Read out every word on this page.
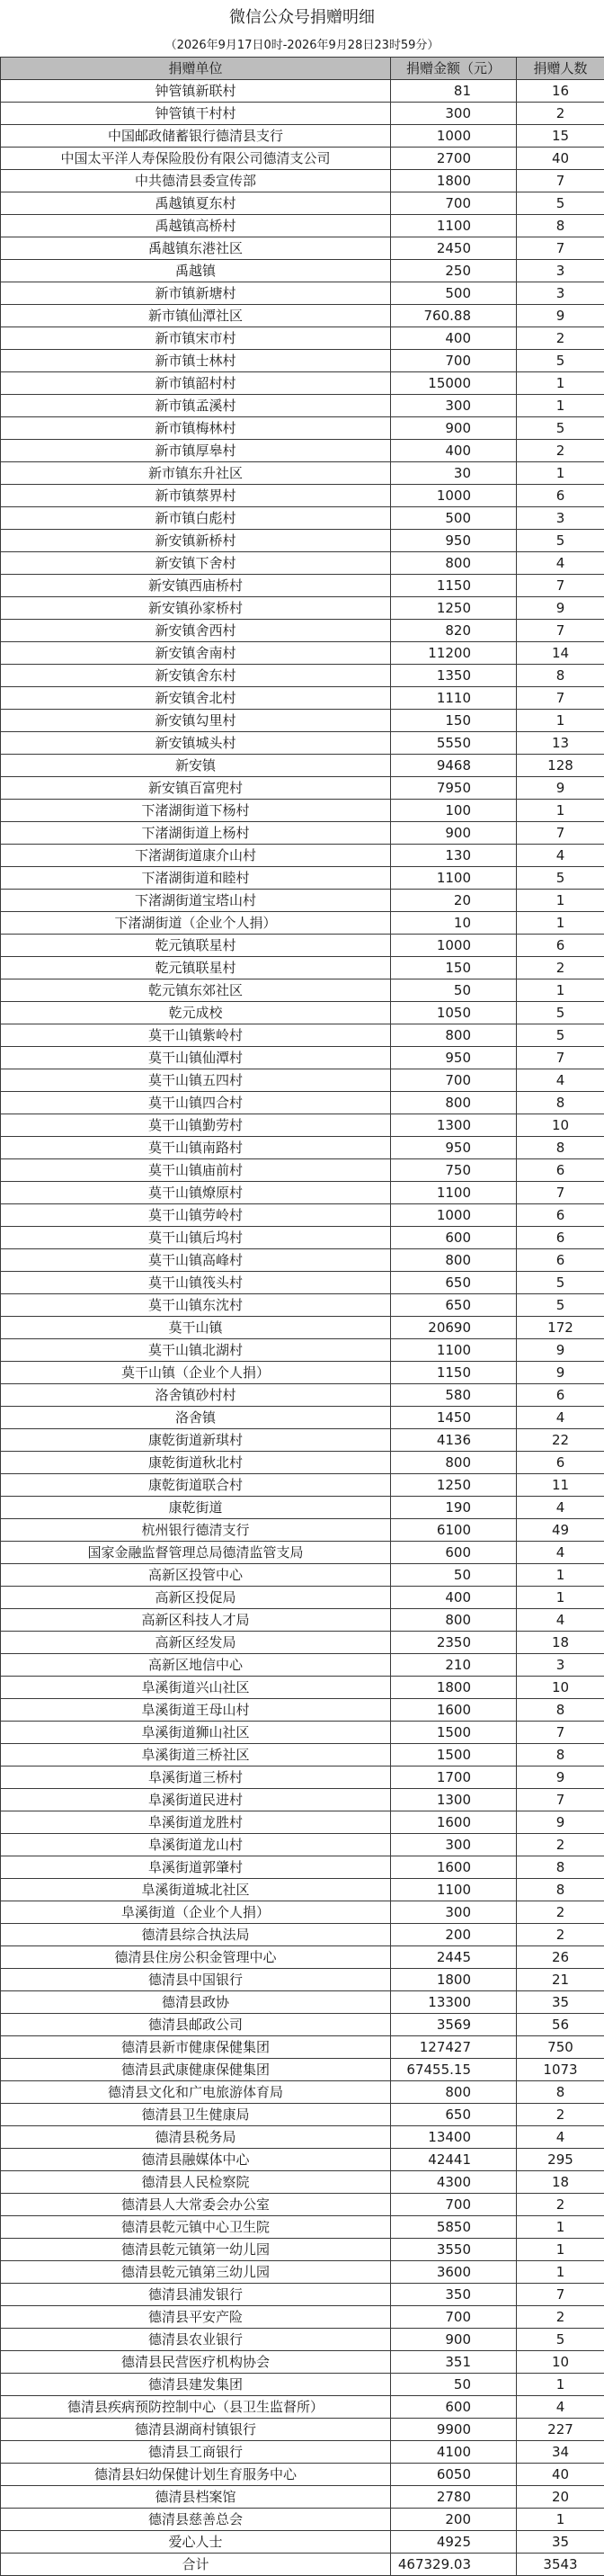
微信公众号捐赠明细
（2026年9月17日0时-2026年9月28日23时59分）
捐赠单位	捐赠金额（元）	捐赠人数
钟管镇新联村	81	16
钟管镇干村村	300	2
中国邮政储蓄银行德清县支行	1000	15
中国太平洋人寿保险股份有限公司德清支公司	2700	40
中共德清县委宣传部	1800	7
禹越镇夏东村	700	5
禹越镇高桥村	1100	8
禹越镇东港社区	2450	7
禹越镇	250	3
新市镇新塘村	500	3
新市镇仙潭社区	760.88	9
新市镇宋市村	400	2
新市镇士林村	700	5
新市镇韶村村	15000	1
新市镇孟溪村	300	1
新市镇梅林村	900	5
新市镇厚皋村	400	2
新市镇东升社区	30	1
新市镇蔡界村	1000	6
新市镇白彪村	500	3
新安镇新桥村	950	5
新安镇下舍村	800	4
新安镇西庙桥村	1150	7
新安镇孙家桥村	1250	9
新安镇舍西村	820	7
新安镇舍南村	11200	14
新安镇舍东村	1350	8
新安镇舍北村	1110	7
新安镇勾里村	150	1
新安镇城头村	5550	13
新安镇	9468	128
新安镇百富兜村	7950	9
下渚湖街道下杨村	100	1
下渚湖街道上杨村	900	7
下渚湖街道康介山村	130	4
下渚湖街道和睦村	1100	5
下渚湖街道宝塔山村	20	1
下渚湖街道（企业个人捐）	10	1
乾元镇联星村	1000	6
乾元镇联星村	150	2
乾元镇东郊社区	50	1
乾元成校	1050	5
莫干山镇紫岭村	800	5
莫干山镇仙潭村	950	7
莫干山镇五四村	700	4
莫干山镇四合村	800	8
莫干山镇勤劳村	1300	10
莫干山镇南路村	950	8
莫干山镇庙前村	750	6
莫干山镇燎原村	1100	7
莫干山镇劳岭村	1000	6
莫干山镇后坞村	600	6
莫干山镇高峰村	800	6
莫干山镇筏头村	650	5
莫干山镇东沈村	650	5
莫干山镇	20690	172
莫干山镇北湖村	1100	9
莫干山镇（企业个人捐）	1150	9
洛舍镇砂村村	580	6
洛舍镇	1450	4
康乾街道新琪村	4136	22
康乾街道秋北村	800	6
康乾街道联合村	1250	11
康乾街道	190	4
杭州银行德清支行	6100	49
国家金融监督管理总局德清监管支局	600	4
高新区投管中心	50	1
高新区投促局	400	1
高新区科技人才局	800	4
高新区经发局	2350	18
高新区地信中心	210	3
阜溪街道兴山社区	1800	10
阜溪街道王母山村	1600	8
阜溪街道狮山社区	1500	7
阜溪街道三桥社区	1500	8
阜溪街道三桥村	1700	9
阜溪街道民进村	1300	7
阜溪街道龙胜村	1600	9
阜溪街道龙山村	300	2
阜溪街道郭肇村	1600	8
阜溪街道城北社区	1100	8
阜溪街道（企业个人捐）	300	2
德清县综合执法局	200	2
德清县住房公积金管理中心	2445	26
德清县中国银行	1800	21
德清县政协	13300	35
德清县邮政公司	3569	56
德清县新市健康保健集团	127427	750
德清县武康健康保健集团	67455.15	1073
德清县文化和广电旅游体育局	800	8
德清县卫生健康局	650	2
德清县税务局	13400	4
德清县融媒体中心	42441	295
德清县人民检察院	4300	18
德清县人大常委会办公室	700	2
德清县乾元镇中心卫生院	5850	1
德清县乾元镇第一幼儿园	3550	1
德清县乾元镇第三幼儿园	3600	1
德清县浦发银行	350	7
德清县平安产险	700	2
德清县农业银行	900	5
德清县民营医疗机构协会	351	10
德清县建发集团	50	1
德清县疾病预防控制中心（县卫生监督所）	600	4
德清县湖商村镇银行	9900	227
德清县工商银行	4100	34
德清县妇幼保健计划生育服务中心	6050	40
德清县档案馆	2780	20
德清县慈善总会	200	1
爱心人士	4925	35
合计	467329.03	3543
